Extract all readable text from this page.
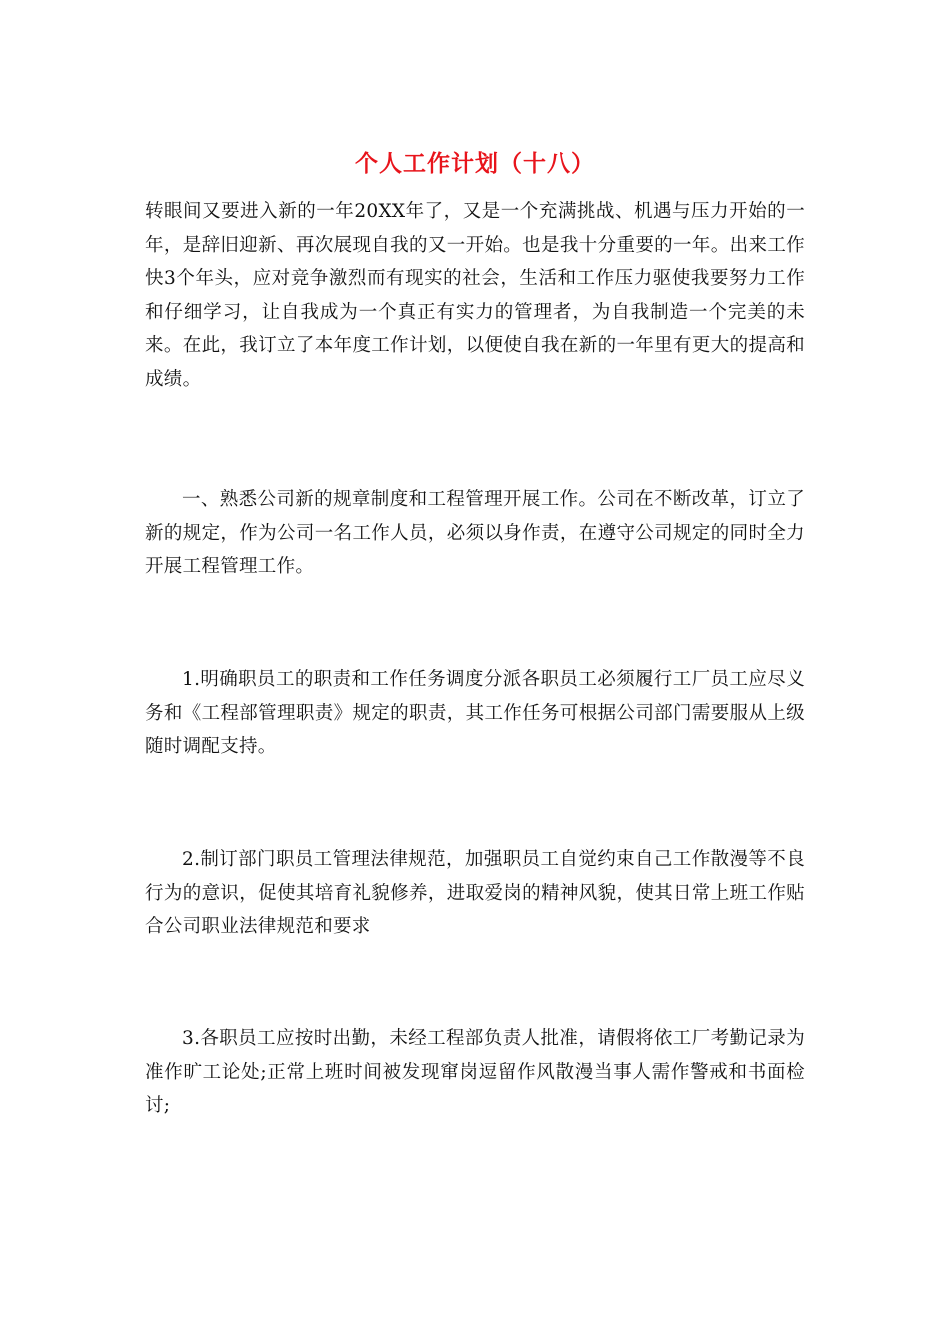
个人工作计划（十八）

转眼间又要进入新的一年20XX年了，又是一个充满挑战、机遇与压力开始的一年，是辞旧迎新、再次展现自我的又一开始。也是我十分重要的一年。出来工作快3个年头，应对竞争激烈而有现实的社会，生活和工作压力驱使我要努力工作和仔细学习，让自我成为一个真正有实力的管理者，为自我制造一个完美的未来。在此，我订立了本年度工作计划，以便使自我在新的一年里有更大的提高和成绩。

一、熟悉公司新的规章制度和工程管理开展工作。公司在不断改革，订立了新的规定，作为公司一名工作人员，必须以身作责，在遵守公司规定的同时全力开展工程管理工作。

1.明确职员工的职责和工作任务调度分派各职员工必须履行工厂员工应尽义务和《工程部管理职责》规定的职责，其工作任务可根据公司部门需要服从上级随时调配支持。

2.制订部门职员工管理法律规范，加强职员工自觉约束自己工作散漫等不良行为的意识，促使其培育礼貌修养，进取爱岗的精神风貌，使其日常上班工作贴合公司职业法律规范和要求

3.各职员工应按时出勤，未经工程部负责人批准，请假将依工厂考勤记录为准作旷工论处;正常上班时间被发现窜岗逗留作风散漫当事人需作警戒和书面检讨;
